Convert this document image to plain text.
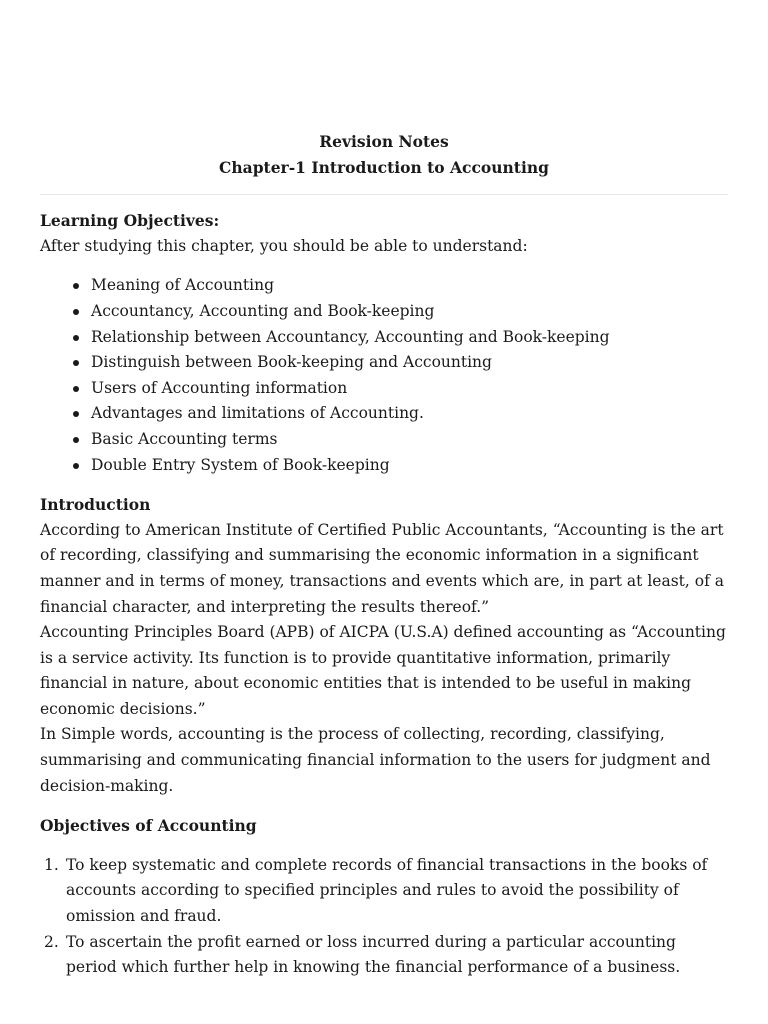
Revision Notes
Chapter-1 Introduction to Accounting

Learning Objectives:

After studying this chapter, you should be able to understand:

Meaning of Accounting
Accountancy, Accounting and Book-keeping
Relationship between Accountancy, Accounting and Book-keeping
Distinguish between Book-keeping and Accounting
Users of Accounting information
Advantages and limitations of Accounting.
Basic Accounting terms
Double Entry System of Book-keeping

Introduction

According to American Institute of Certified Public Accountants, “Accounting is the art of recording, classifying and summarising the economic information in a significant manner and in terms of money, transactions and events which are, in part at least, of a financial character, and interpreting the results thereof.”

Accounting Principles Board (APB) of AICPA (U.S.A) defined accounting as “Accounting is a service activity. Its function is to provide quantitative information, primarily financial in nature, about economic entities that is intended to be useful in making economic decisions.”

In Simple words, accounting is the process of collecting, recording, classifying, summarising and communicating financial information to the users for judgment and decision-making.

Objectives of Accounting

1. To keep systematic and complete records of financial transactions in the books of accounts according to specified principles and rules to avoid the possibility of omission and fraud.
2. To ascertain the profit earned or loss incurred during a particular accounting period which further help in knowing the financial performance of a business.
